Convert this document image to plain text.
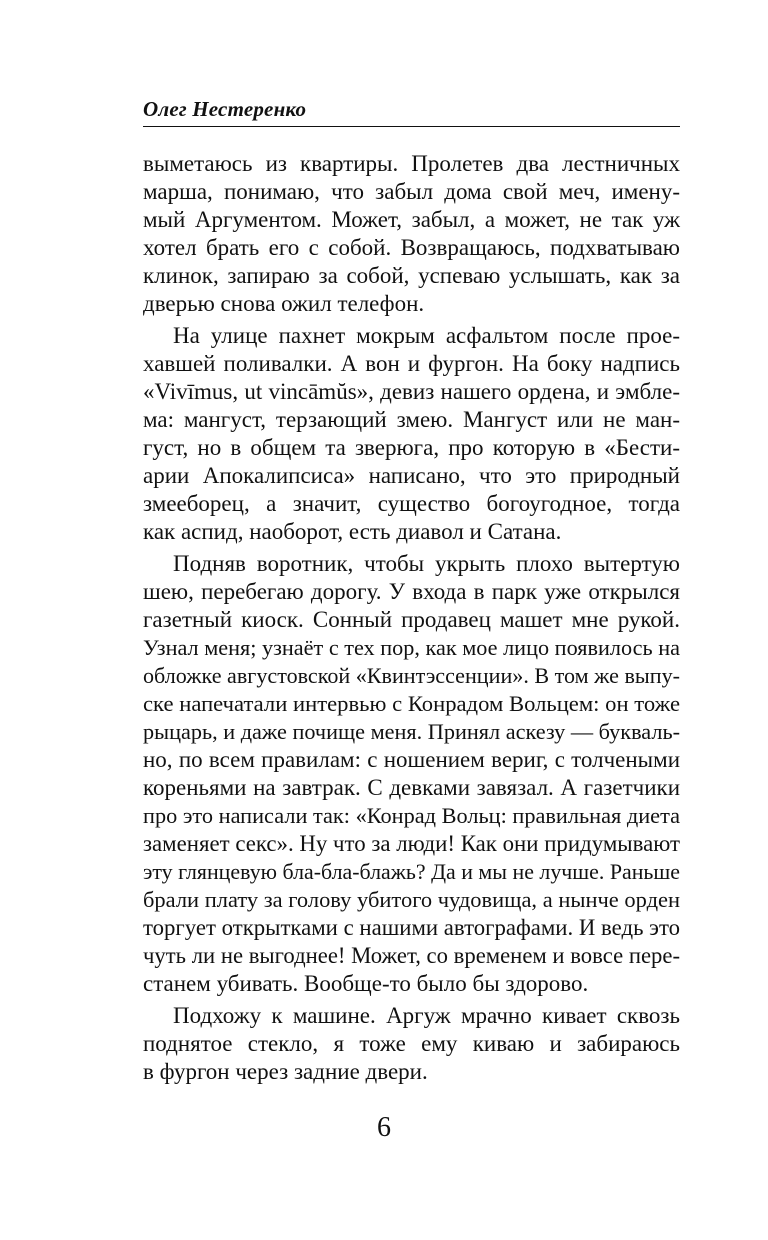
Олег Нестеренко
выметаюсь из квартиры. Пролетев два лестничных
марша, понимаю, что забыл дома свой меч, имену-
мый Аргументом. Может, забыл, а может, не так уж
хотел брать его с собой. Возвращаюсь, подхватываю
клинок, запираю за собой, успеваю услышать, как за
дверью снова ожил телефон.
На улице пахнет мокрым асфальтом после прое-
хавшей поливалки. А вон и фургон. На боку надпись
«Vivīmus, ut vincāmŭs», девиз нашего ордена, и эмбле-
ма: мангуст, терзающий змею. Мангуст или не ман-
густ, но в общем та зверюга, про которую в «Бести-
арии Апокалипсиса» написано, что это природный
змееборец, а значит, существо богоугодное, тогда
как аспид, наоборот, есть диавол и Сатана.
Подняв воротник, чтобы укрыть плохо вытертую
шею, перебегаю дорогу. У входа в парк уже открылся
газетный киоск. Сонный продавец машет мне рукой.
Узнал меня; узнаёт с тех пор, как мое лицо появилось на
обложке августовской «Квинтэссенции». В том же выпу-
ске напечатали интервью с Конрадом Вольцем: он тоже
рыцарь, и даже почище меня. Принял аскезу — букваль-
но, по всем правилам: с ношением вериг, с толчеными
кореньями на завтрак. С девками завязал. А газетчики
про это написали так: «Конрад Вольц: правильная диета
заменяет секс». Ну что за люди! Как они придумывают
эту глянцевую бла-бла-блажь? Да и мы не лучше. Раньше
брали плату за голову убитого чудовища, а нынче орден
торгует открытками с нашими автографами. И ведь это
чуть ли не выгоднее! Может, со временем и вовсе пере-
станем убивать. Вообще-то было бы здорово.
Подхожу к машине. Аргуж мрачно кивает сквозь
поднятое стекло, я тоже ему киваю и забираюсь
в фургон через задние двери.
6
